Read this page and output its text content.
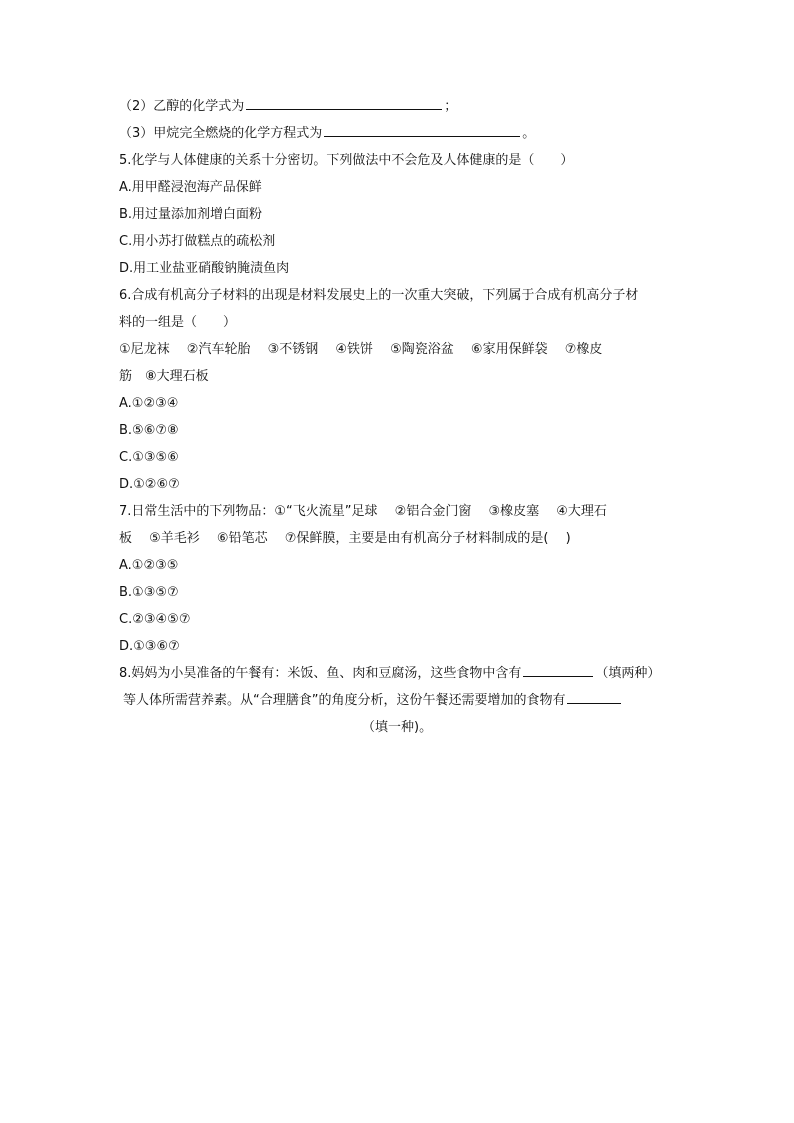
（2）乙醇的化学式为	；

（3）甲烷完全燃烧的化学方程式为	。

5.化学与人体健康的关系十分密切。下列做法中不会危及人体健康的是（　　）

A.用甲醛浸泡海产品保鲜

B.用过量添加剂增白面粉

C.用小苏打做糕点的疏松剂

D.用工业盐亚硝酸钠腌渍鱼肉

6.合成有机高分子材料的出现是材料发展史上的一次重大突破，下列属于合成有机高分子材

料的一组是（　　）

①尼龙袜　 ②汽车轮胎　 ③不锈钢　 ④铁饼　 ⑤陶瓷浴盆　 ⑥家用保鲜袋　 ⑦橡皮

筋　⑧大理石板

A.①②③④

B.⑤⑥⑦⑧

C.①③⑤⑥

D.①②⑥⑦

7.日常生活中的下列物品：①“飞火流星”足球　 ②铝合金门窗　 ③橡皮塞　 ④大理石

板　 ⑤羊毛衫　 ⑥铅笔芯　 ⑦保鲜膜，主要是由有机高分子材料制成的是(　 )

A.①②③⑤

B.①③⑤⑦

C.②③④⑤⑦

D.①③⑥⑦

8.妈妈为小昊准备的午餐有：米饭、鱼、肉和豆腐汤，这些食物中含有	（填两种）

等人体所需营养素。从“合理膳食”的角度分析，这份午餐还需要增加的食物有

（填一种)。
